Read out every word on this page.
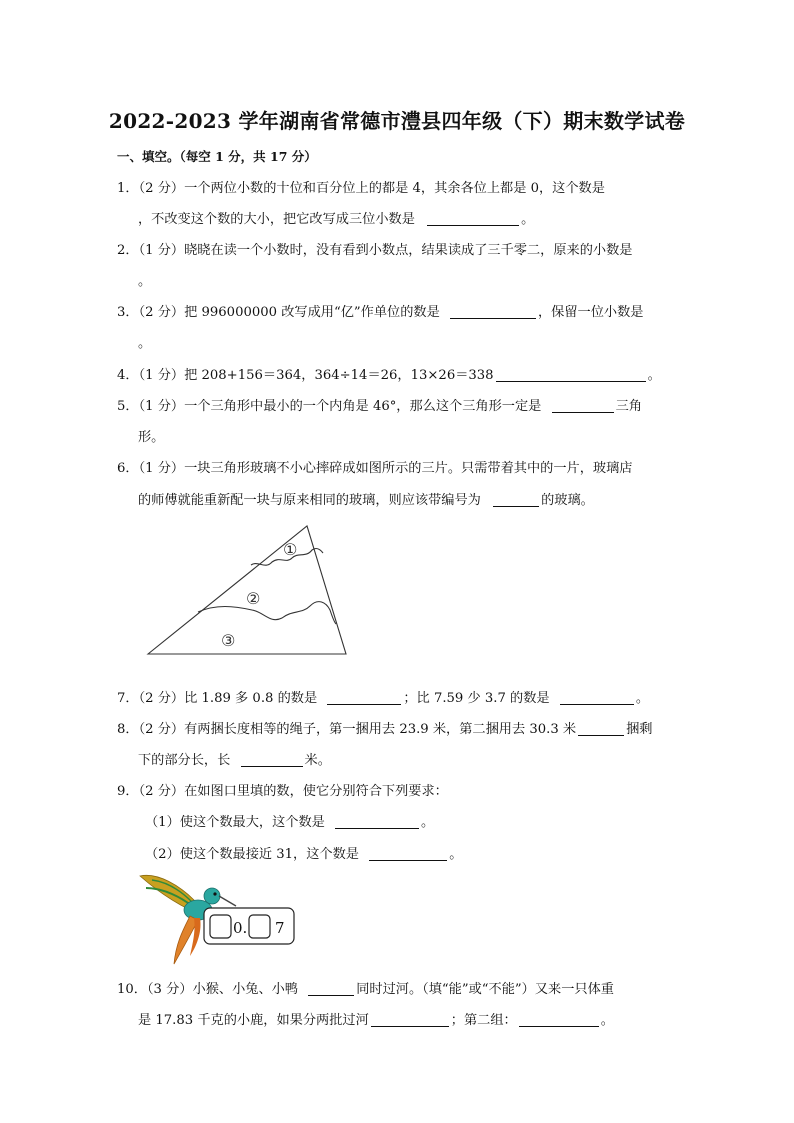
2022-2023 学年湖南省常德市澧县四年级（下）期末数学试卷
一、填空。（每空 1 分，共 17 分）
1．（2 分）一个两位小数的十位和百分位上的都是 4，其余各位上都是 0，这个数是
，不改变这个数的大小，把它改写成三位小数是	。
2．（1 分）晓晓在读一个小数时，没有看到小数点，结果读成了三千零二，原来的小数是
。
3．（2 分）把 996000000 改写成用“亿”作单位的数是	，保留一位小数是
。
4．（1 分）把 208+156＝364，364÷14＝26，13×26＝338	。
5．（1 分）一个三角形中最小的一个内角是 46°，那么这个三角形一定是	三角
形。
6．（1 分）一块三角形玻璃不小心摔碎成如图所示的三片。只需带着其中的一片，玻璃店
的师傅就能重新配一块与原来相同的玻璃，则应该带编号为	的玻璃。
①
②
③
7．（2 分）比 1.89 多 0.8 的数是	；比 7.59 少 3.7 的数是	。
8．（2 分）有两捆长度相等的绳子，第一捆用去 23.9 米，第二捆用去 30.3 米	捆剩
下的部分长，长	米。
9．（2 分）在如图口里填的数，使它分别符合下列要求：
（1）使这个数最大，这个数是	。
（2）使这个数最接近 31，这个数是	。
0. 7
10．（3 分）小猴、小兔、小鸭	同时过河。（填“能”或“不能”）又来一只体重
是 17.83 千克的小鹿，如果分两批过河	；第二组：	。
